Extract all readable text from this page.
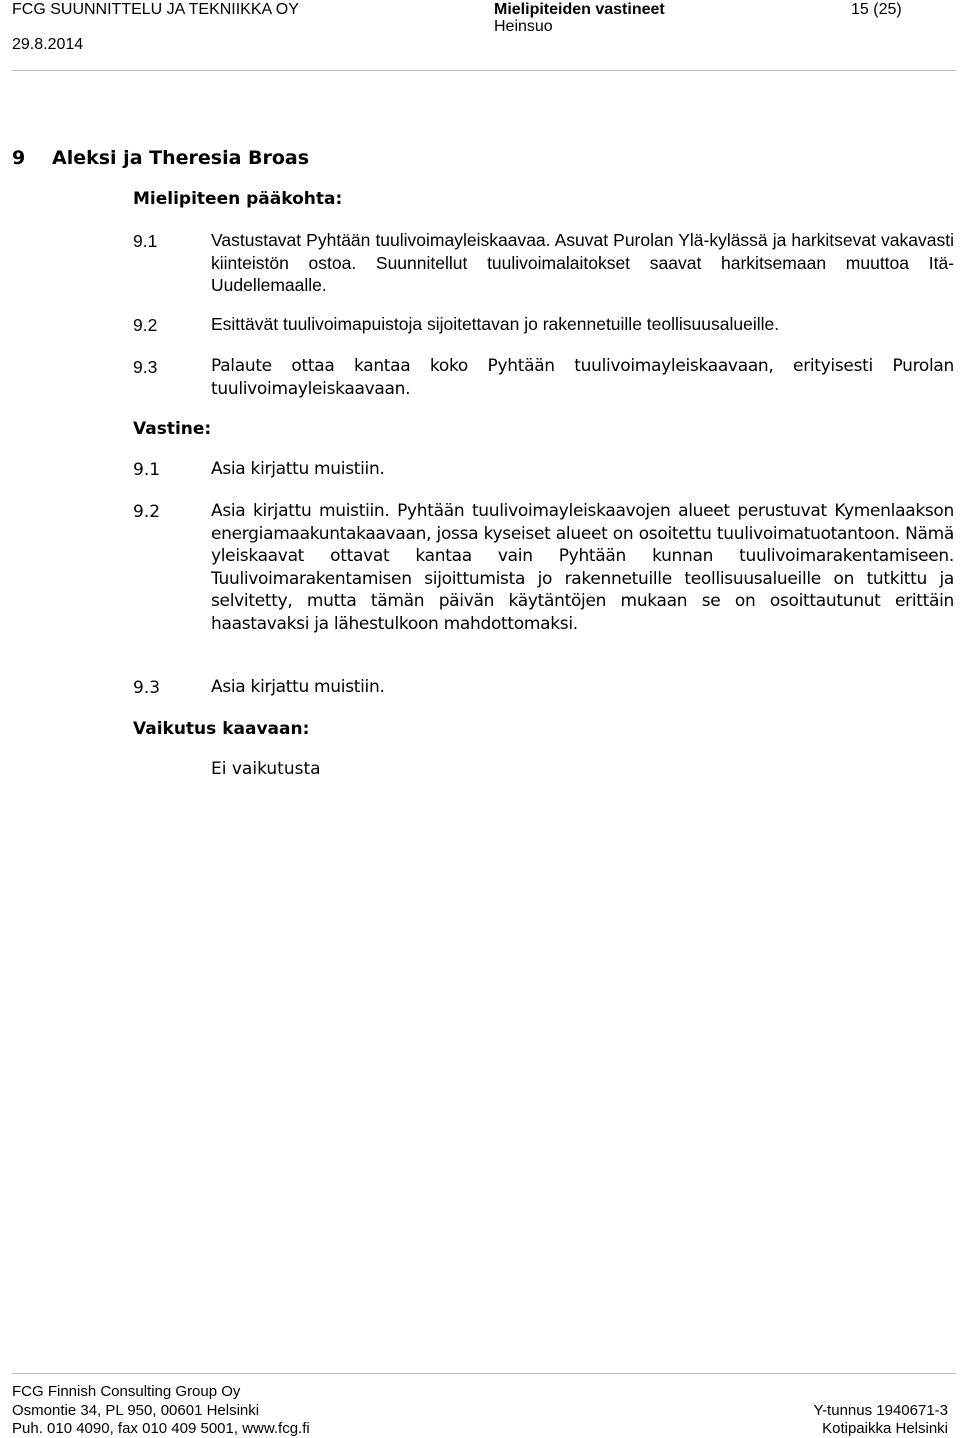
FCG SUUNNITTELU JA TEKNIIKKA OY
29.8.2014
Mielipiteiden vastineet
Heinsuo
15 (25)
9 Aleksi ja Theresia Broas
Mielipiteen pääkohta:
9.1	Vastustavat Pyhtään tuulivoimayleiskaavaa. Asuvat Purolan Ylä-kylässä ja harkitsevat vakavasti kiinteistön ostoa. Suunnitellut tuulivoimalaitokset saavat harkitsemaan muuttoa Itä-Uudellemaalle.
9.2	Esittävät tuulivoimapuistoja sijoitettavan jo rakennetuille teollisuusalueille.
9.3	Palaute ottaa kantaa koko Pyhtään tuulivoimayleiskaavaan, erityisesti Purolan tuulivoimayleiskaavaan.
Vastine:
9.1	Asia kirjattu muistiin.
9.2	Asia kirjattu muistiin. Pyhtään tuulivoimayleiskaavojen alueet perustuvat Kymenlaakson energiamaakuntakaavaan, jossa kyseiset alueet on osoitettu tuulivoimatuotantoon. Nämä yleiskaavat ottavat kantaa vain Pyhtään kunnan tuulivoimarakentamiseen. Tuulivoimarakentamisen sijoittumista jo rakennetuille teollisuusalueille on tutkittu ja selvitetty, mutta tämän päivän käytäntöjen mukaan se on osoittautunut erittäin haastavaksi ja lähestulkoon mahdottomaksi.
9.3	Asia kirjattu muistiin.
Vaikutus kaavaan:
Ei vaikutusta
FCG Finnish Consulting Group Oy
Osmontie 34, PL 950, 00601 Helsinki
Puh. 010 4090, fax 010 409 5001, www.fcg.fi
Y-tunnus 1940671-3
Kotipaikka Helsinki
